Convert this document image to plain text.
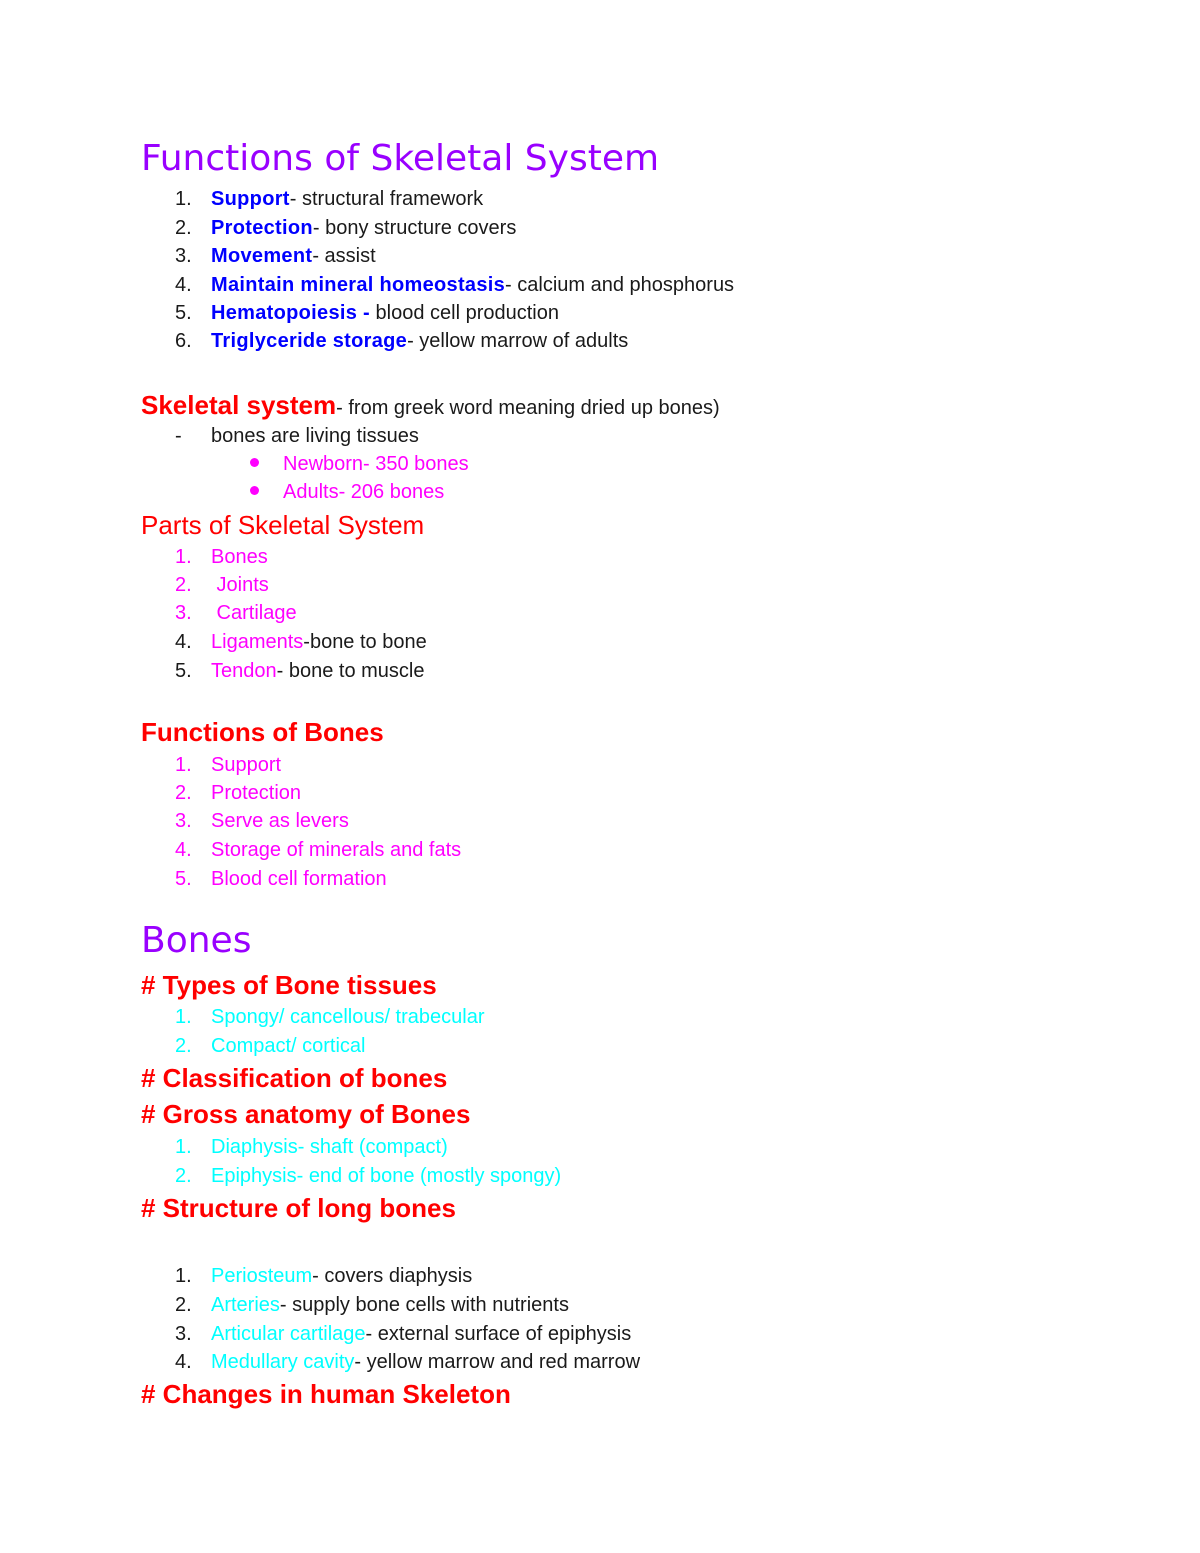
Functions of Skeletal System
1. Support- structural framework
2. Protection- bony structure covers
3. Movement- assist
4. Maintain mineral homeostasis- calcium and phosphorus
5. Hematopoiesis - blood cell production
6. Triglyceride storage- yellow marrow of adults
Skeletal system- from greek word meaning dried up bones)
- bones are living tissues
Newborn- 350 bones
Adults- 206 bones
Parts of Skeletal System
1. Bones
2. Joints
3. Cartilage
4. Ligaments-bone to bone
5. Tendon- bone to muscle
Functions of Bones
1. Support
2. Protection
3. Serve as levers
4. Storage of minerals and fats
5. Blood cell formation
Bones
# Types of Bone tissues
1. Spongy/ cancellous/ trabecular
2. Compact/ cortical
# Classification of bones
# Gross anatomy of Bones
1. Diaphysis- shaft (compact)
2. Epiphysis- end of bone (mostly spongy)
# Structure of long bones
1. Periosteum- covers diaphysis
2. Arteries- supply bone cells with nutrients
3. Articular cartilage- external surface of epiphysis
4. Medullary cavity- yellow marrow and red marrow
# Changes in human Skeleton
